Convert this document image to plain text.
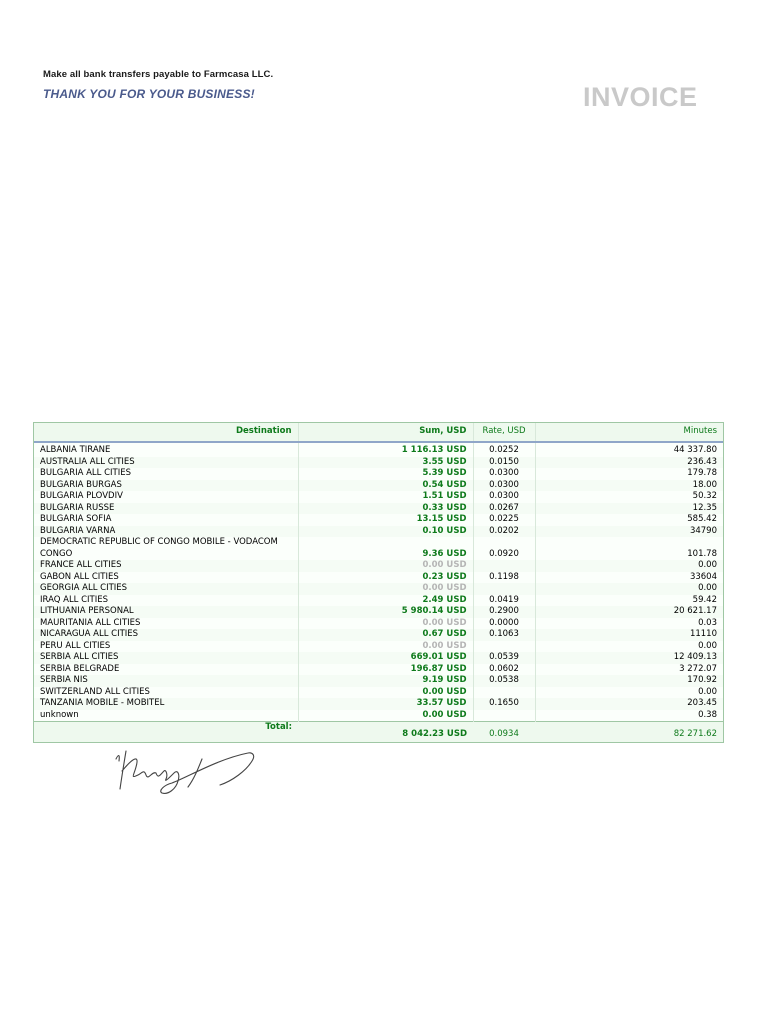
Make all bank transfers payable to Farmcasa LLC.
THANK YOU FOR YOUR BUSINESS!	INVOICE
Destination	Sum, USD	Rate, USD	Minutes
ALBANIA TIRANE	1 116.13 USD	0.0252	44 337.80
AUSTRALIA ALL CITIES	3.55 USD	0.0150	236.43
BULGARIA ALL CITIES	5.39 USD	0.0300	179.78
BULGARIA BURGAS	0.54 USD	0.0300	18.00
BULGARIA PLOVDIV	1.51 USD	0.0300	50.32
BULGARIA RUSSE	0.33 USD	0.0267	12.35
BULGARIA SOFIA	13.15 USD	0.0225	585.42
BULGARIA VARNA	0.10 USD	0.0202	34790
DEMOCRATIC REPUBLIC OF CONGO MOBILE - VODACOM CONGO	9.36 USD	0.0920	101.78
FRANCE ALL CITIES	0.00 USD		0.00
GABON ALL CITIES	0.23 USD	0.1198	33604
GEORGIA ALL CITIES	0.00 USD		0.00
IRAQ ALL CITIES	2.49 USD	0.0419	59.42
LITHUANIA PERSONAL	5 980.14 USD	0.2900	20 621.17
MAURITANIA ALL CITIES	0.00 USD	0.0000	0.03
NICARAGUA ALL CITIES	0.67 USD	0.1063	11110
PERU ALL CITIES	0.00 USD		0.00
SERBIA ALL CITIES	669.01 USD	0.0539	12 409.13
SERBIA BELGRADE	196.87 USD	0.0602	3 272.07
SERBIA NIS	9.19 USD	0.0538	170.92
SWITZERLAND ALL CITIES	0.00 USD		0.00
TANZANIA MOBILE - MOBITEL	33.57 USD	0.1650	203.45
unknown	0.00 USD		0.38
Total:	8 042.23 USD	0.0934	82 271.62
